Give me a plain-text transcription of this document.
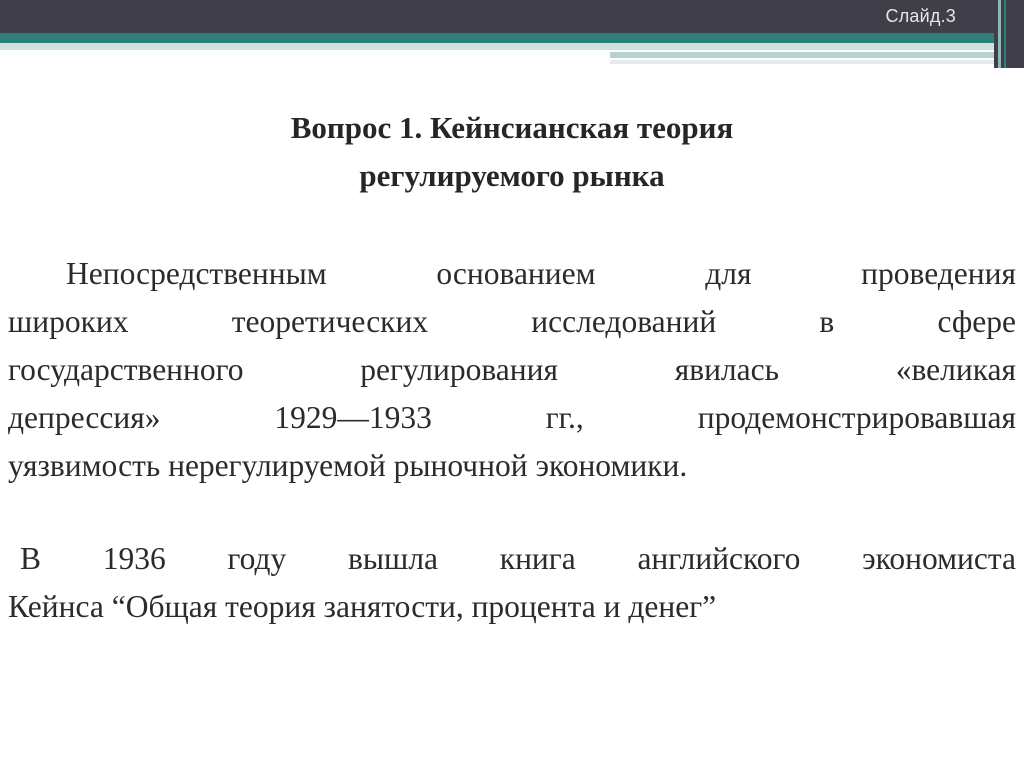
Слайд.3
Вопрос 1. Кейнсианская теория
регулируемого рынка
Непосредственным основанием для проведения
широких теоретических исследований в сфере
государственного регулирования явилась «великая
депрессия» 1929—1933 гг., продемонстрировавшая
уязвимость нерегулируемой рыночной экономики.
В 1936 году вышла книга английского экономиста
Кейнса “Общая теория занятости, процента и денег”
